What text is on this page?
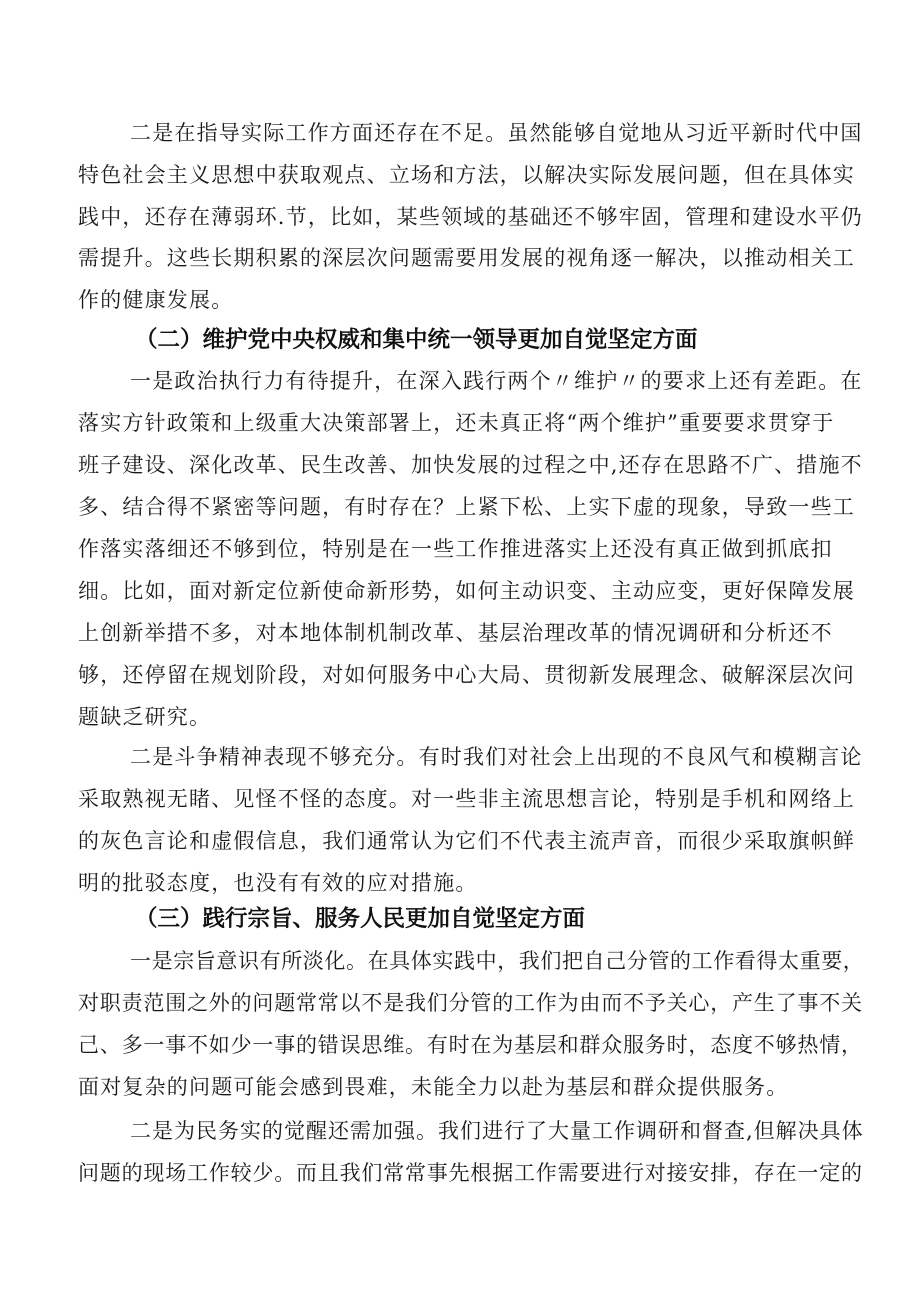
二是在指导实际工作方面还存在不足。虽然能够自觉地从习近平新时代中国
特色社会主义思想中获取观点、立场和方法，以解决实际发展问题，但在具体实
践中，还存在薄弱环.节，比如，某些领域的基础还不够牢固，管理和建设水平仍
需提升。这些长期积累的深层次问题需要用发展的视角逐一解决，以推动相关工
作的健康发展。
（二）维护党中央权威和集中统一领导更加自觉坚定方面
一是政治执行力有待提升，在深入践行两个〃维护〃的要求上还有差距。在
落实方针政策和上级重大决策部署上，还未真正将“两个维护”重要要求贯穿于
班子建设、深化改革、民生改善、加快发展的过程之中,还存在思路不广、措施不
多、结合得不紧密等问题，有时存在？上紧下松、上实下虚的现象，导致一些工
作落实落细还不够到位，特别是在一些工作推进落实上还没有真正做到抓底扣
细。比如，面对新定位新使命新形势，如何主动识变、主动应变，更好保障发展
上创新举措不多，对本地体制机制改革、基层治理改革的情况调研和分析还不
够，还停留在规划阶段，对如何服务中心大局、贯彻新发展理念、破解深层次问
题缺乏研究。
二是斗争精神表现不够充分。有时我们对社会上出现的不良风气和模糊言论
采取熟视无睹、见怪不怪的态度。对一些非主流思想言论，特别是手机和网络上
的灰色言论和虚假信息，我们通常认为它们不代表主流声音，而很少采取旗帜鲜
明的批驳态度，也没有有效的应对措施。
（三）践行宗旨、服务人民更加自觉坚定方面
一是宗旨意识有所淡化。在具体实践中，我们把自己分管的工作看得太重要，
对职责范围之外的问题常常以不是我们分管的工作为由而不予关心，产生了事不关
己、多一事不如少一事的错误思维。有时在为基层和群众服务时，态度不够热情，
面对复杂的问题可能会感到畏难，未能全力以赴为基层和群众提供服务。
二是为民务实的觉醒还需加强。我们进行了大量工作调研和督查,但解决具体
问题的现场工作较少。而且我们常常事先根据工作需要进行对接安排，存在一定的
